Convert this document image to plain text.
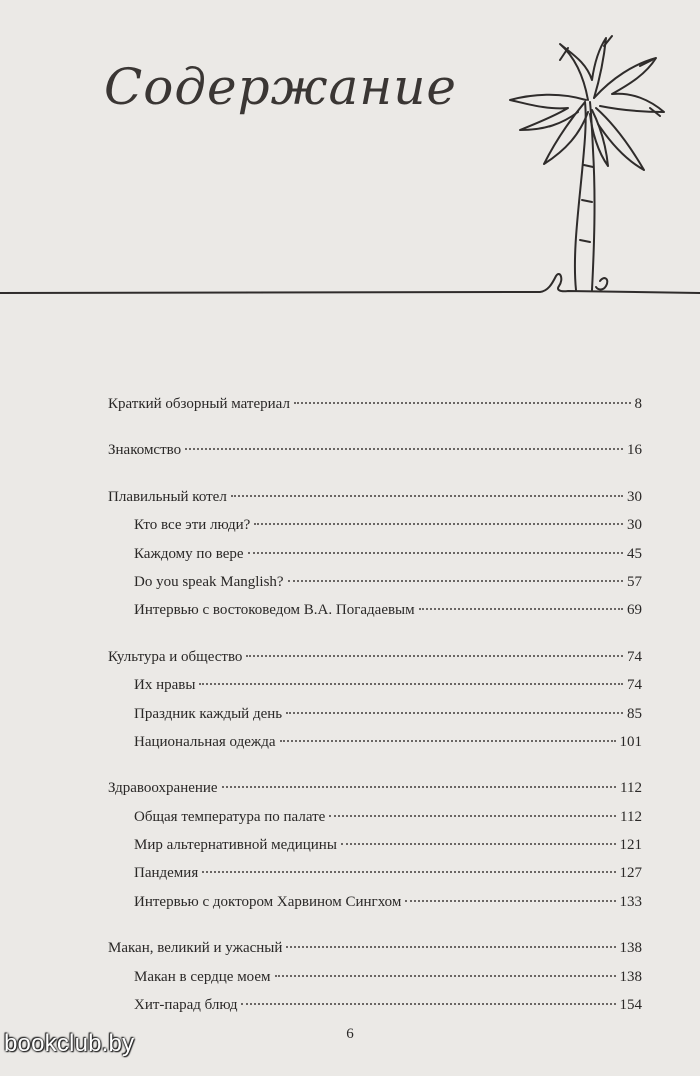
Содержание
Краткий обзорный материал	8
Знакомство	16
Плавильный котел	30
Кто все эти люди?	30
Каждому по вере	45
Do you speak Manglish?	57
Интервью с востоковедом В.А. Погадаевым	69
Культура и общество	74
Их нравы	74
Праздник каждый день	85
Национальная одежда	101
Здравоохранение	112
Общая температура по палате	112
Мир альтернативной медицины	121
Пандемия	127
Интервью с доктором Харвином Сингхом	133
Макан, великий и ужасный	138
Макан в сердце моем	138
Хит-парад блюд	154
6
bookclub.by
